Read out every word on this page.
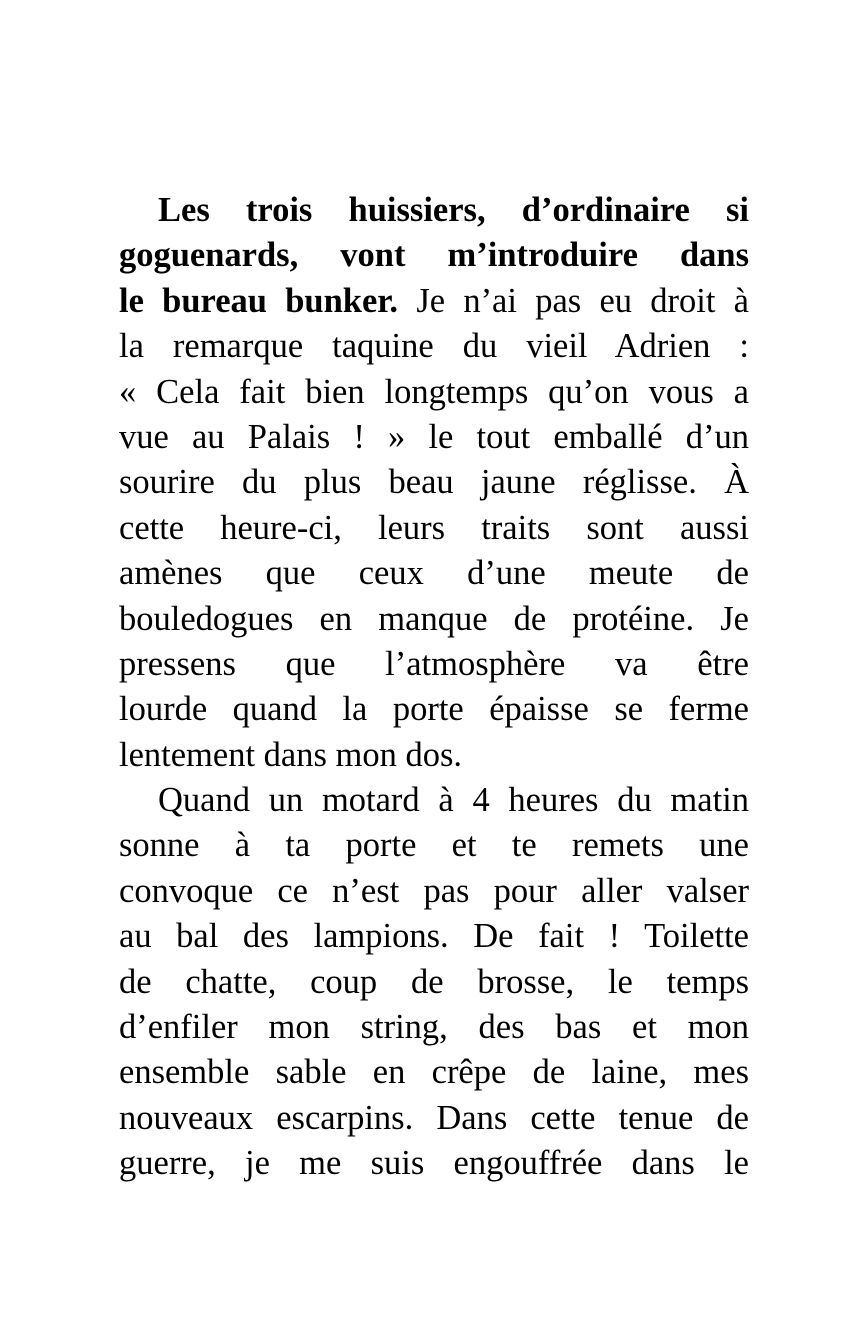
Les trois huissiers, d’ordinaire si
goguenards, vont m’introduire dans
le bureau bunker. Je n’ai pas eu droit à
la remarque taquine du vieil Adrien :
« Cela fait bien longtemps qu’on vous a
vue au Palais ! » le tout emballé d’un
sourire du plus beau jaune réglisse. À
cette heure-ci, leurs traits sont aussi
amènes que ceux d’une meute de
bouledogues en manque de protéine. Je
pressens que l’atmosphère va être
lourde quand la porte épaisse se ferme
lentement dans mon dos.
Quand un motard à 4 heures du matin
sonne à ta porte et te remets une
convoque ce n’est pas pour aller valser
au bal des lampions. De fait ! Toilette
de chatte, coup de brosse, le temps
d’enfiler mon string, des bas et mon
ensemble sable en crêpe de laine, mes
nouveaux escarpins. Dans cette tenue de
guerre, je me suis engouffrée dans le
